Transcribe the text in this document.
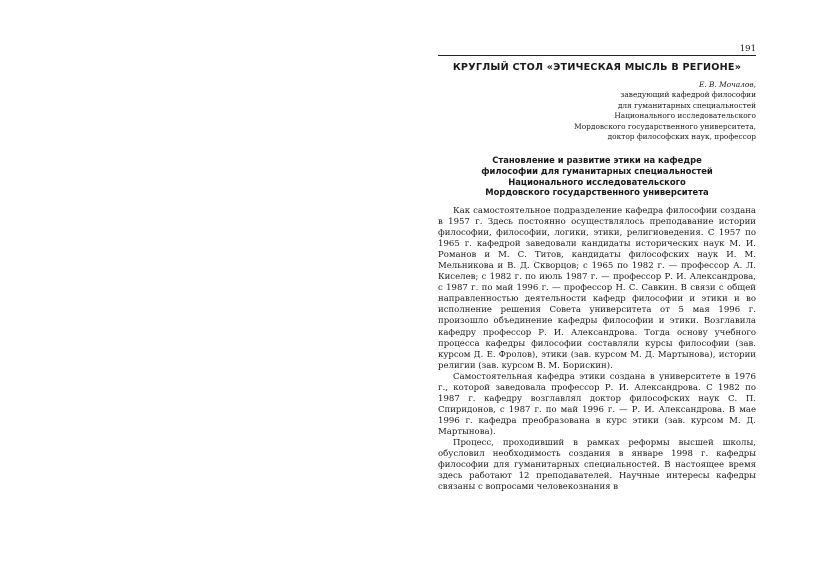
191
КРУГЛЫЙ СТОЛ «ЭТИЧЕСКАЯ МЫСЛЬ В РЕГИОНЕ»
Е. В. Мочалов,
заведующий кафедрой философии
для гуманитарных специальностей
Национального исследовательского
Мордовского государственного университета,
доктор философских наук, профессор
Становление и развитие этики на кафедре
философии для гуманитарных специальностей
Национального исследовательского
Мордовского государственного университета

Как самостоятельное подразделение кафедра философии создана в 1957 г. Здесь постоянно осуществлялось преподавание истории философии, философии, логики, этики, религиоведения. С 1957 по 1965 г. кафедрой заведовали кандидаты исторических наук М. И. Романов и М. С. Титов, кандидаты философских наук И. М. Мельникова и В. Д. Скворцов; с 1965 по 1982 г. — профессор А. Л. Киселев; с 1982 г. по июль 1987 г. — профессор Р. И. Александрова, с 1987 г. по май 1996 г. — профессор Н. С. Савкин. В связи с общей направленностью деятельности кафедр философии и этики и во исполнение решения Совета университета от 5 мая 1996 г. произошло объединение кафедры философии и этики. Возглавила кафедру профессор Р. И. Александрова. Тогда основу учебного процесса кафедры философии составляли курсы философии (зав. курсом Д. Е. Фролов), этики (зав. курсом М. Д. Мартынова), истории религии (зав. курсом В. М. Борискин).

Самостоятельная кафедра этики создана в университете в 1976 г., которой заведовала профессор Р. И. Александрова. С 1982 по 1987 г. кафедру возглавлял доктор философских наук С. П. Спиридонов, с 1987 г. по май 1996 г. — Р. И. Александрова. В мае 1996 г. кафедра преобразована в курс этики (зав. курсом М. Д. Мартынова).

Процесс, проходивший в рамках реформы высшей школы, обусловил необходимость создания в январе 1998 г. кафедры философии для гуманитарных специальностей. В настоящее время здесь работают 12 преподавателей. Научные интересы кафедры связаны с вопросами человекознания в
